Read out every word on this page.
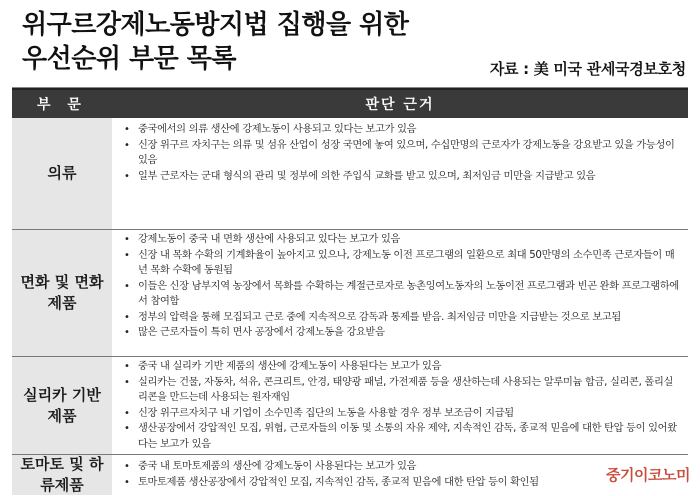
위구르강제노동방지법 집행을 위한
우선순위 부문 목록	자료 : 美 미국 관세국경보호청
부 문	판단 근거
의류
• 중국에서의 의류 생산에 강제노동이 사용되고 있다는 보고가 있음
• 신장 위구르 자치구는 의류 및 섬유 산업이 성장 국면에 놓여 있으며, 수십만명의 근로자가 강제노동을 강요받고 있을 가능성이 있음
• 일부 근로자는 군대 형식의 관리 및 정부에 의한 주입식 교화를 받고 있으며, 최저임금 미만을 지급받고 있음
면화 및 면화제품
• 강제노동이 중국 내 면화 생산에 사용되고 있다는 보고가 있음
• 신장 내 목화 수확의 기계화율이 높아지고 있으나, 강제노동 이전 프로그램의 일환으로 최대 50만명의 소수민족 근로자들이 매년 목화 수확에 동원됨
• 이들은 신장 남부지역 농장에서 목화를 수확하는 계절근로자로 농촌잉여노동자의 노동이전 프로그램과 빈곤 완화 프로그램하에서 참여함
• 정부의 압력을 통해 모집되고 근로 중에 지속적으로 감독과 통제를 받음. 최저임금 미만을 지급받는 것으로 보고됨
• 많은 근로자들이 특히 면사 공장에서 강제노동을 강요받음
실리카 기반 제품
• 중국 내 실리카 기반 제품의 생산에 강제노동이 사용된다는 보고가 있음
• 실리카는 건물, 자동차, 석유, 콘크리트, 안경, 태양광 패널, 가전제품 등을 생산하는데 사용되는 알루미늄 합금, 실리콘, 폴리실리콘을 만드는데 사용되는 원자재임
• 신장 위구르자치구 내 기업이 소수민족 집단의 노동을 사용할 경우 정부 보조금이 지급됨
• 생산공장에서 강압적인 모집, 위협, 근로자들의 이동 및 소통의 자유 제약, 지속적인 감독, 종교적 믿음에 대한 탄압 등이 있어왔다는 보고가 있음
토마토 및 하류제품
• 중국 내 토마토제품의 생산에 강제노동이 사용된다는 보고가 있음
• 토마토제품 생산공장에서 강압적인 모집, 지속적인 감독, 종교적 믿음에 대한 탄압 등이 확인됨	중기이코노미
